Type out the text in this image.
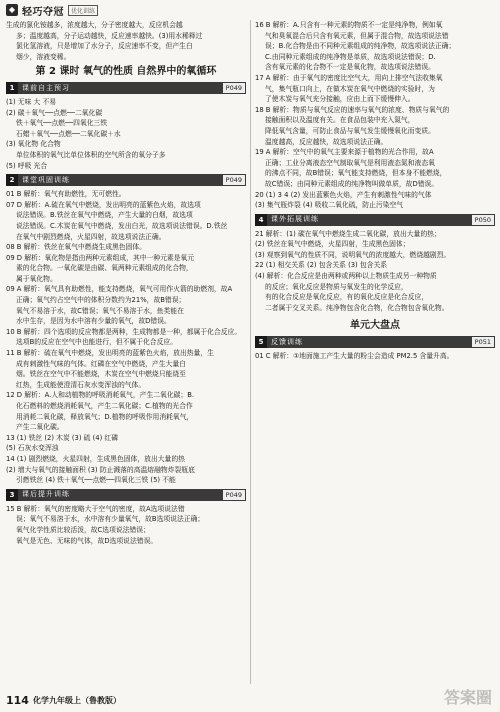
◆ 轻巧夺冠	优化训练

生成的氯化铵越多，浓度越大，分子密度越大，反应机会越

多；温度越高，分子运动越快，反应速率越快。(3)用水稀释过

氯化氢溶液，只是增加了水分子，反应速率不变，但产生白

烟少，溶液变稀。

第 2 课时 氧气的性质 自然界中的氧循环
1	课前自主预习	P049

(1) 无味 大 不易

(2) 碳＋氧气──点燃──二氧化碳

铁＋氧气──点燃──四氧化三铁

石蜡＋氧气──点燃──二氧化碳＋水

(3) 氧化物 化合物

单位体积的氧气比单位体积的空气所含的氧分子多

(5) 呼吸 光合

2	课堂巩固训练	P049

01 B 解析：氧气有助燃性，无可燃性。

07 D 解析：A.硫在氧气中燃烧，发出明亮的蓝紫色火焰，故选项

说法错误。B.铁丝在氧气中燃烧，产生大量的白烟，故选项

说法错误。C.木炭在氧气中燃烧，发出白光，故选项说法错误。D.铁丝

在氧气中剧烈燃烧，火星四射，故选项说法正确。

08 B 解析：铁丝在氧气中燃烧生成黑色固体。

09 D 解析：氧化物是指由两种元素组成，其中一种元素是氧元

素的化合物。一氧化碳是由碳、氧两种元素组成的化合物，

属于氧化物。

09 A 解析：氧气具有助燃性，能支持燃烧，氧气可用作火箭的助燃剂，故A

正确；氧气约占空气中的体积分数约为21%，故B错误；

氧气不易溶于水，故C错误；氧气不易溶于水，鱼类能在

水中生存，是因为水中溶有少量的氧气，故D错误。

10 B 解析：四个选项的反应物都是两种，生成物都是一种，都属于化合反应。

选项B的反应在空气中也能进行，但不属于化合反应。

11 B 解析：硫在氧气中燃烧，发出明亮的蓝紫色火焰，放出热量，生

成有刺激性气味的气体。红磷在空气中燃烧，产生大量白

烟。铁丝在空气中不能燃烧，木炭在空气中燃烧只能烧至

红热，生成能使澄清石灰水变浑浊的气体。

12 D 解析：A.人和动植物的呼吸消耗氧气，产生二氧化碳；B.

化石燃料的燃烧消耗氧气，产生二氧化碳；C.植物的光合作

用消耗二氧化碳，释放氧气；D.植物的呼吸作用消耗氧气，

产生二氧化碳。

13 (1) 铁丝 (2) 木炭 (3) 硫 (4) 红磷

(5) 石灰水变浑浊

14 (1) 剧烈燃烧，火星四射，生成黑色固体，放出大量的热

(2) 增大与氧气的接触面积 (3) 防止溅落的高温熔融物炸裂瓶底

引燃铁丝 (4) 铁＋氧气──点燃──四氧化三铁 (5) 不能

3	课后提升训练	P049

15 B 解析：氧气的密度略大于空气的密度，故A选项说法错

误；氧气不易溶于水，水中溶有少量氧气，故B选项说法正确；

氧气化学性质比较活泼，故C选项说法错误；

氧气是无色、无味的气体，故D选项说法错误。

16 B 解析：A.只含有一种元素的物质不一定是纯净物，例如氧

气和臭氧混合后只含有氧元素，但属于混合物，故选项说法错

误；B.化合物是由不同种元素组成的纯净物，故选项说法正确；

C.由同种元素组成的纯净物是单质，故选项说法错误；D.

含有氧元素的化合物不一定是氧化物，故选项说法错误。

17 A 解析：由于氧气的密度比空气大，用向上排空气法收集氧

气，集气瓶口向上，在做木炭在氧气中燃烧的实验时，为

了使木炭与氧气充分接触，应由上而下缓慢伸入。

18 B 解析：物质与氧气反应的速率与氧气的浓度、物质与氧气的

接触面积以及温度有关。在食品包装中充入氮气，

降低氧气含量，可防止食品与氧气发生缓慢氧化而变质。

温度越高，反应越快，故选项说法正确。

19 A 解析：空气中的氧气主要来源于植物的光合作用，故A

正确；工业分离液态空气制取氧气是利用液态氮和液态氧

的沸点不同，故B错误；氧气能支持燃烧，但本身不能燃烧，

故C错误；由同种元素组成的纯净物叫做单质，故D错误。

20 (1) 3 4 (2) 发出蓝紫色火焰，产生有刺激性气味的气体

(3) 集气瓶炸裂 (4) 吸收二氧化硫，防止污染空气

4	课外拓展训练	P050

21 解析：(1) 碳在氧气中燃烧生成二氧化碳，放出大量的热；

(2) 铁丝在氧气中燃烧，火星四射，生成黑色固体；

(3) 观察到氧气的性质不同，说明氧气的浓度越大，燃烧越剧烈。

22 (1) 相交关系 (2) 包含关系 (3) 包含关系

(4) 解析：化合反应是由两种或两种以上物质生成另一种物质

的反应；氧化反应是物质与氧发生的化学反应，

有的化合反应是氧化反应，有的氧化反应是化合反应，

二者属于交叉关系。纯净物包含化合物，化合物包含氧化物。

单元大盘点
5	反馈训练	P051

01 C 解析：①地面施工产生大量的粉尘会造成 PM2.5 含量升高。

114 化学九年级上（鲁教版）	答案圈
